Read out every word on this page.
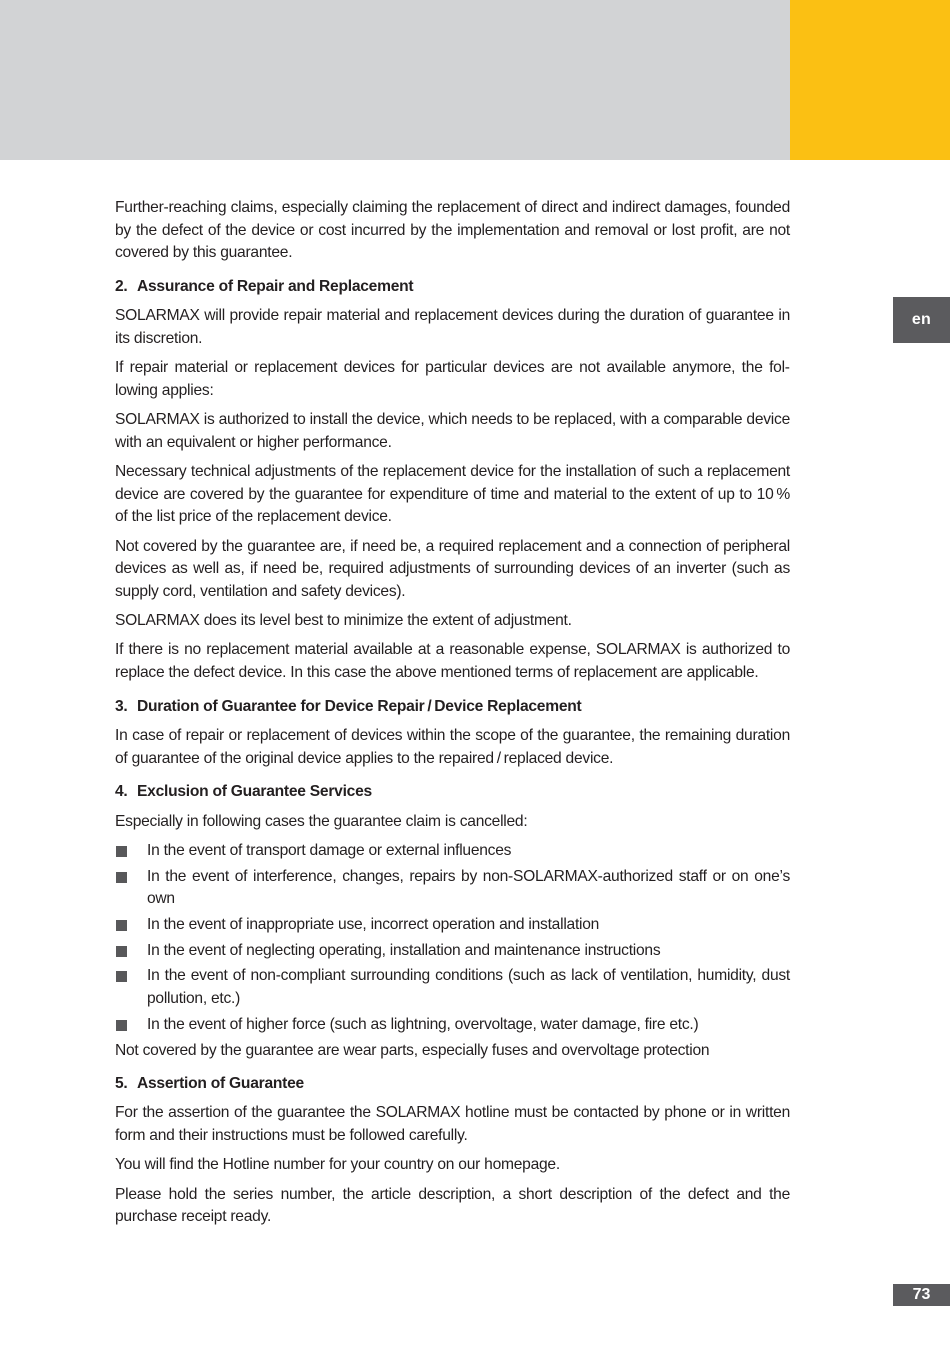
en

Further-reaching claims, especially claiming the replacement of direct and indirect damages, founded by the defect of the device or cost incurred by the implementation and removal or lost profit, are not covered by this guarantee.

2. Assurance of Repair and Replacement

SOLARMAX will provide repair material and replacement devices during the duration of guarantee in its discretion.

If repair material or replacement devices for particular devices are not available anymore, the following applies:

SOLARMAX is authorized to install the device, which needs to be replaced, with a comparable device with an equivalent or higher performance.

Necessary technical adjustments of the replacement device for the installation of such a replacement device are covered by the guarantee for expenditure of time and material to the extent of up to 10 % of the list price of the replacement device.

Not covered by the guarantee are, if need be, a required replacement and a connection of peripheral devices as well as, if need be, required adjustments of surrounding devices of an inverter (such as supply cord, ventilation and safety devices).

SOLARMAX does its level best to minimize the extent of adjustment.

If there is no replacement material available at a reasonable expense, SOLARMAX is authorized to replace the defect device. In this case the above mentioned terms of replacement are applicable.

3. Duration of Guarantee for Device Repair / Device Replacement

In case of repair or replacement of devices within the scope of the guarantee, the remaining duration of guarantee of the original device applies to the repaired / replaced device.

4. Exclusion of Guarantee Services

Especially in following cases the guarantee claim is cancelled:

In the event of transport damage or external influences
In the event of interference, changes, repairs by non-SOLARMAX-authorized staff or on one’s own
In the event of inappropriate use, incorrect operation and installation
In the event of neglecting operating, installation and maintenance instructions
In the event of non-compliant surrounding conditions (such as lack of ventilation, humidity, dust pollution, etc.)
In the event of higher force (such as lightning, overvoltage, water damage, fire etc.)

Not covered by the guarantee are wear parts, especially fuses and overvoltage protection

5. Assertion of Guarantee

For the assertion of the guarantee the SOLARMAX hotline must be contacted by phone or in written form and their instructions must be followed carefully.

You will find the Hotline number for your country on our homepage.

Please hold the series number, the article description, a short description of the defect and the purchase receipt ready.

73
